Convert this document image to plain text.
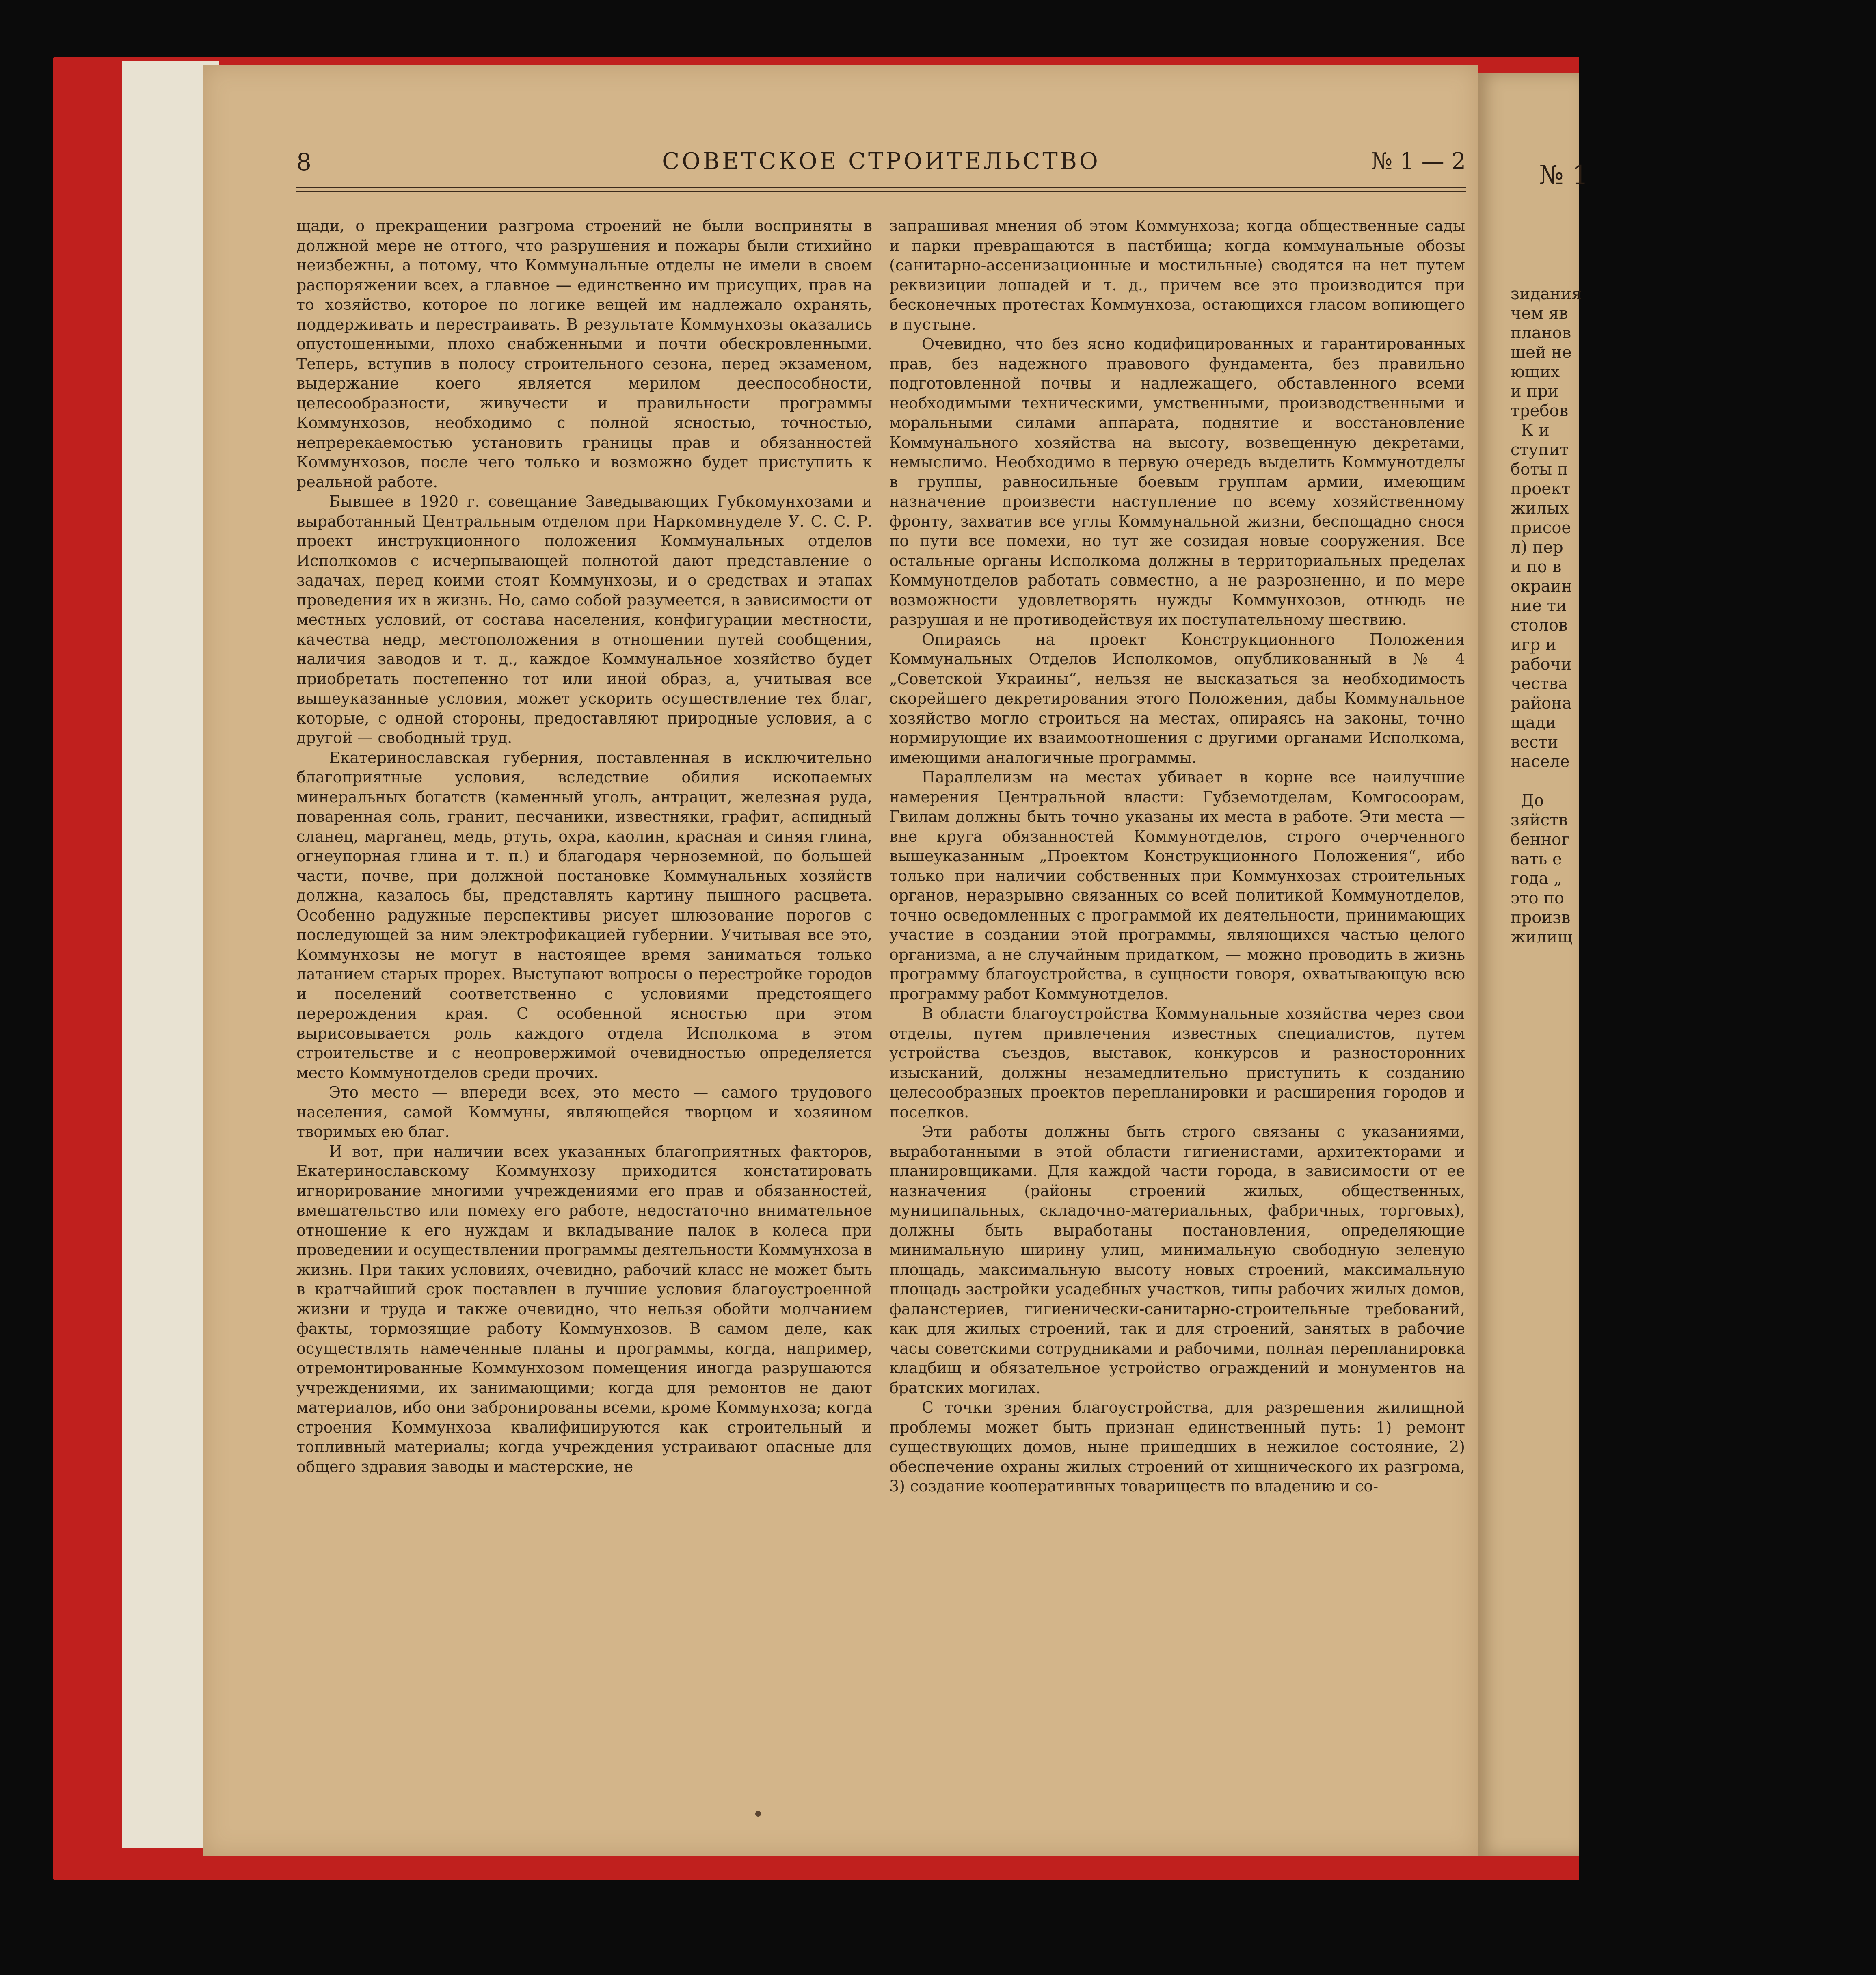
8	СОВЕТСКОЕ СТРОИТЕЛЬСТВО	№ 1 — 2

щади, о прекращении разгрома строений не были восприняты в должной мере не оттого, что разрушения и пожары были стихийно неизбежны, а потому, что Коммунальные отделы не имели в своем распоряжении всех, а главное — единственно им присущих, прав на то хозяйство, которое по логике вещей им надлежало охранять, поддерживать и перестраивать. В результате Коммунхозы оказались опустошенными, плохо снабженными и почти обескровленными. Теперь, вступив в полосу строительного сезона, перед экзаменом, выдержание коего является мерилом дееспособности, целесообразности, живучести и правильности программы Коммунхозов, необходимо с полной ясностью, точностью, непререкаемостью установить границы прав и обязанностей Коммунхозов, после чего только и возможно будет приступить к реальной работе.

Бывшее в 1920 г. совещание Заведывающих Губкомунхозами и выработанный Центральным отделом при Наркомвнуделе У. С. С. Р. проект инструкционного положения Коммунальных отделов Исполкомов с исчерпывающей полнотой дают представление о задачах, перед коими стоят Коммунхозы, и о средствах и этапах проведения их в жизнь. Но, само собой разумеется, в зависимости от местных условий, от состава населения, конфигурации местности, качества недр, местоположения в отношении путей сообщения, наличия заводов и т. д., каждое Коммунальное хозяйство будет приобретать постепенно тот или иной образ, а, учитывая все вышеуказанные условия, может ускорить осуществление тех благ, которые, с одной стороны, предоставляют природные условия, а с другой — свободный труд.

Екатеринославская губерния, поставленная в исключительно благоприятные условия, вследствие обилия ископаемых минеральных богатств (каменный уголь, антрацит, железная руда, поваренная соль, гранит, песчаники, известняки, графит, аспидный сланец, марганец, медь, ртуть, охра, каолин, красная и синяя глина, огнеупорная глина и т. п.) и благодаря черноземной, по большей части, почве, при должной постановке Коммунальных хозяйств должна, казалось бы, представлять картину пышного расцвета. Особенно радужные перспективы рисует шлюзование порогов с последующей за ним электрофикацией губернии. Учитывая все это, Коммунхозы не могут в настоящее время заниматься только латанием старых прорех. Выступают вопросы о перестройке городов и поселений соответственно с условиями предстоящего перерождения края. С особенной ясностью при этом вырисовывается роль каждого отдела Исполкома в этом строительстве и с неопровержимой очевидностью определяется место Коммунотделов среди прочих.

Это место — впереди всех, это место — самого трудового населения, самой Коммуны, являющейся творцом и хозяином творимых ею благ.

И вот, при наличии всех указанных благоприятных факторов, Екатеринославскому Коммунхозу приходится констатировать игнорирование многими учреждениями его прав и обязанностей, вмешательство или помеху его работе, недостаточно внимательное отношение к его нуждам и вкладывание палок в колеса при проведении и осуществлении программы деятельности Коммунхоза в жизнь. При таких условиях, очевидно, рабочий класс не может быть в кратчайший срок поставлен в лучшие условия благоустроенной жизни и труда и также очевидно, что нельзя обойти молчанием факты, тормозящие работу Коммунхозов. В самом деле, как осуществлять намеченные планы и программы, когда, например, отремонтированные Коммунхозом помещения иногда разрушаются учреждениями, их занимающими; когда для ремонтов не дают материалов, ибо они забронированы всеми, кроме Коммунхоза; когда строения Коммунхоза квалифицируются как строительный и топливный материалы; когда учреждения устраивают опасные для общего здравия заводы и мастерские, не

запрашивая мнения об этом Коммунхоза; когда общественные сады и парки превращаются в пастбища; когда коммунальные обозы (санитарно-ассенизационные и мостильные) сводятся на нет путем реквизиции лошадей и т. д., причем все это производится при бесконечных протестах Коммунхоза, остающихся гласом вопиющего в пустыне.

Очевидно, что без ясно кодифицированных и гарантированных прав, без надежного правового фундамента, без правильно подготовленной почвы и надлежащего, обставленного всеми необходимыми техническими, умственными, производственными и моральными силами аппарата, поднятие и восстановление Коммунального хозяйства на высоту, возвещенную декретами, немыслимо. Необходимо в первую очередь выделить Коммунотделы в группы, равносильные боевым группам армии, имеющим назначение произвести наступление по всему хозяйственному фронту, захватив все углы Коммунальной жизни, беспощадно снося по пути все помехи, но тут же созидая новые сооружения. Все остальные органы Исполкома должны в территориальных пределах Коммунотделов работать совместно, а не разрозненно, и по мере возможности удовлетворять нужды Коммунхозов, отнюдь не разрушая и не противодействуя их поступательному шествию.

Опираясь на проект Конструкционного Положения Коммунальных Отделов Исполкомов, опубликованный в № 4 „Советской Украины“, нельзя не высказаться за необходимость скорейшего декретирования этого Положения, дабы Коммунальное хозяйство могло строиться на местах, опираясь на законы, точно нормирующие их взаимоотношения с другими органами Исполкома, имеющими аналогичные программы.

Параллелизм на местах убивает в корне все наилучшие намерения Центральной власти: Губземотделам, Комгосоорам, Гвилам должны быть точно указаны их места в работе. Эти места — вне круга обязанностей Коммунотделов, строго очерченного вышеуказанным „Проектом Конструкционного Положения“, ибо только при наличии собственных при Коммунхозах строительных органов, неразрывно связанных со всей политикой Коммунотделов, точно осведомленных с программой их деятельности, принимающих участие в создании этой программы, являющихся частью целого организма, а не случайным придатком, — можно проводить в жизнь программу благоустройства, в сущности говоря, охватывающую всю программу работ Коммунотделов.

В области благоустройства Коммунальные хозяйства через свои отделы, путем привлечения известных специалистов, путем устройства съездов, выставок, конкурсов и разносторонних изысканий, должны незамедлительно приступить к созданию целесообразных проектов перепланировки и расширения городов и поселков.

Эти работы должны быть строго связаны с указаниями, выработанными в этой области гигиенистами, архитекторами и планировщиками. Для каждой части города, в зависимости от ее назначения (районы строений жилых, общественных, муниципальных, складочно-материальных, фабричных, торговых), должны быть выработаны постановления, определяющие минимальную ширину улиц, минимальную свободную зеленую площадь, максимальную высоту новых строений, максимальную площадь застройки усадебных участков, типы рабочих жилых домов, фаланстериев, гигиенически-санитарно-строительные требований, как для жилых строений, так и для строений, занятых в рабочие часы советскими сотрудниками и рабочими, полная перепланировка кладбищ и обязательное устройство ограждений и монументов на братских могилах.

С точки зрения благоустройства, для разрешения жилищной проблемы может быть признан единственный путь: 1) ремонт существующих домов, ныне пришедших в нежилое состояние, 2) обеспечение охраны жилых строений от хищнического их разгрома, 3) создание кооперативных товариществ по владению и со-

№ 1
зидания
чем яв
планов
шей не
ющих
и при
требов
К и
ступит
боты п
проект
жилых
присое
л) пер
и по в
окраин
ние ти
столов
игр и
рабочи
чества
района
щади
вести
населе

До
зяйств
бенног
вать е
года „
это по
произв
жилищ
